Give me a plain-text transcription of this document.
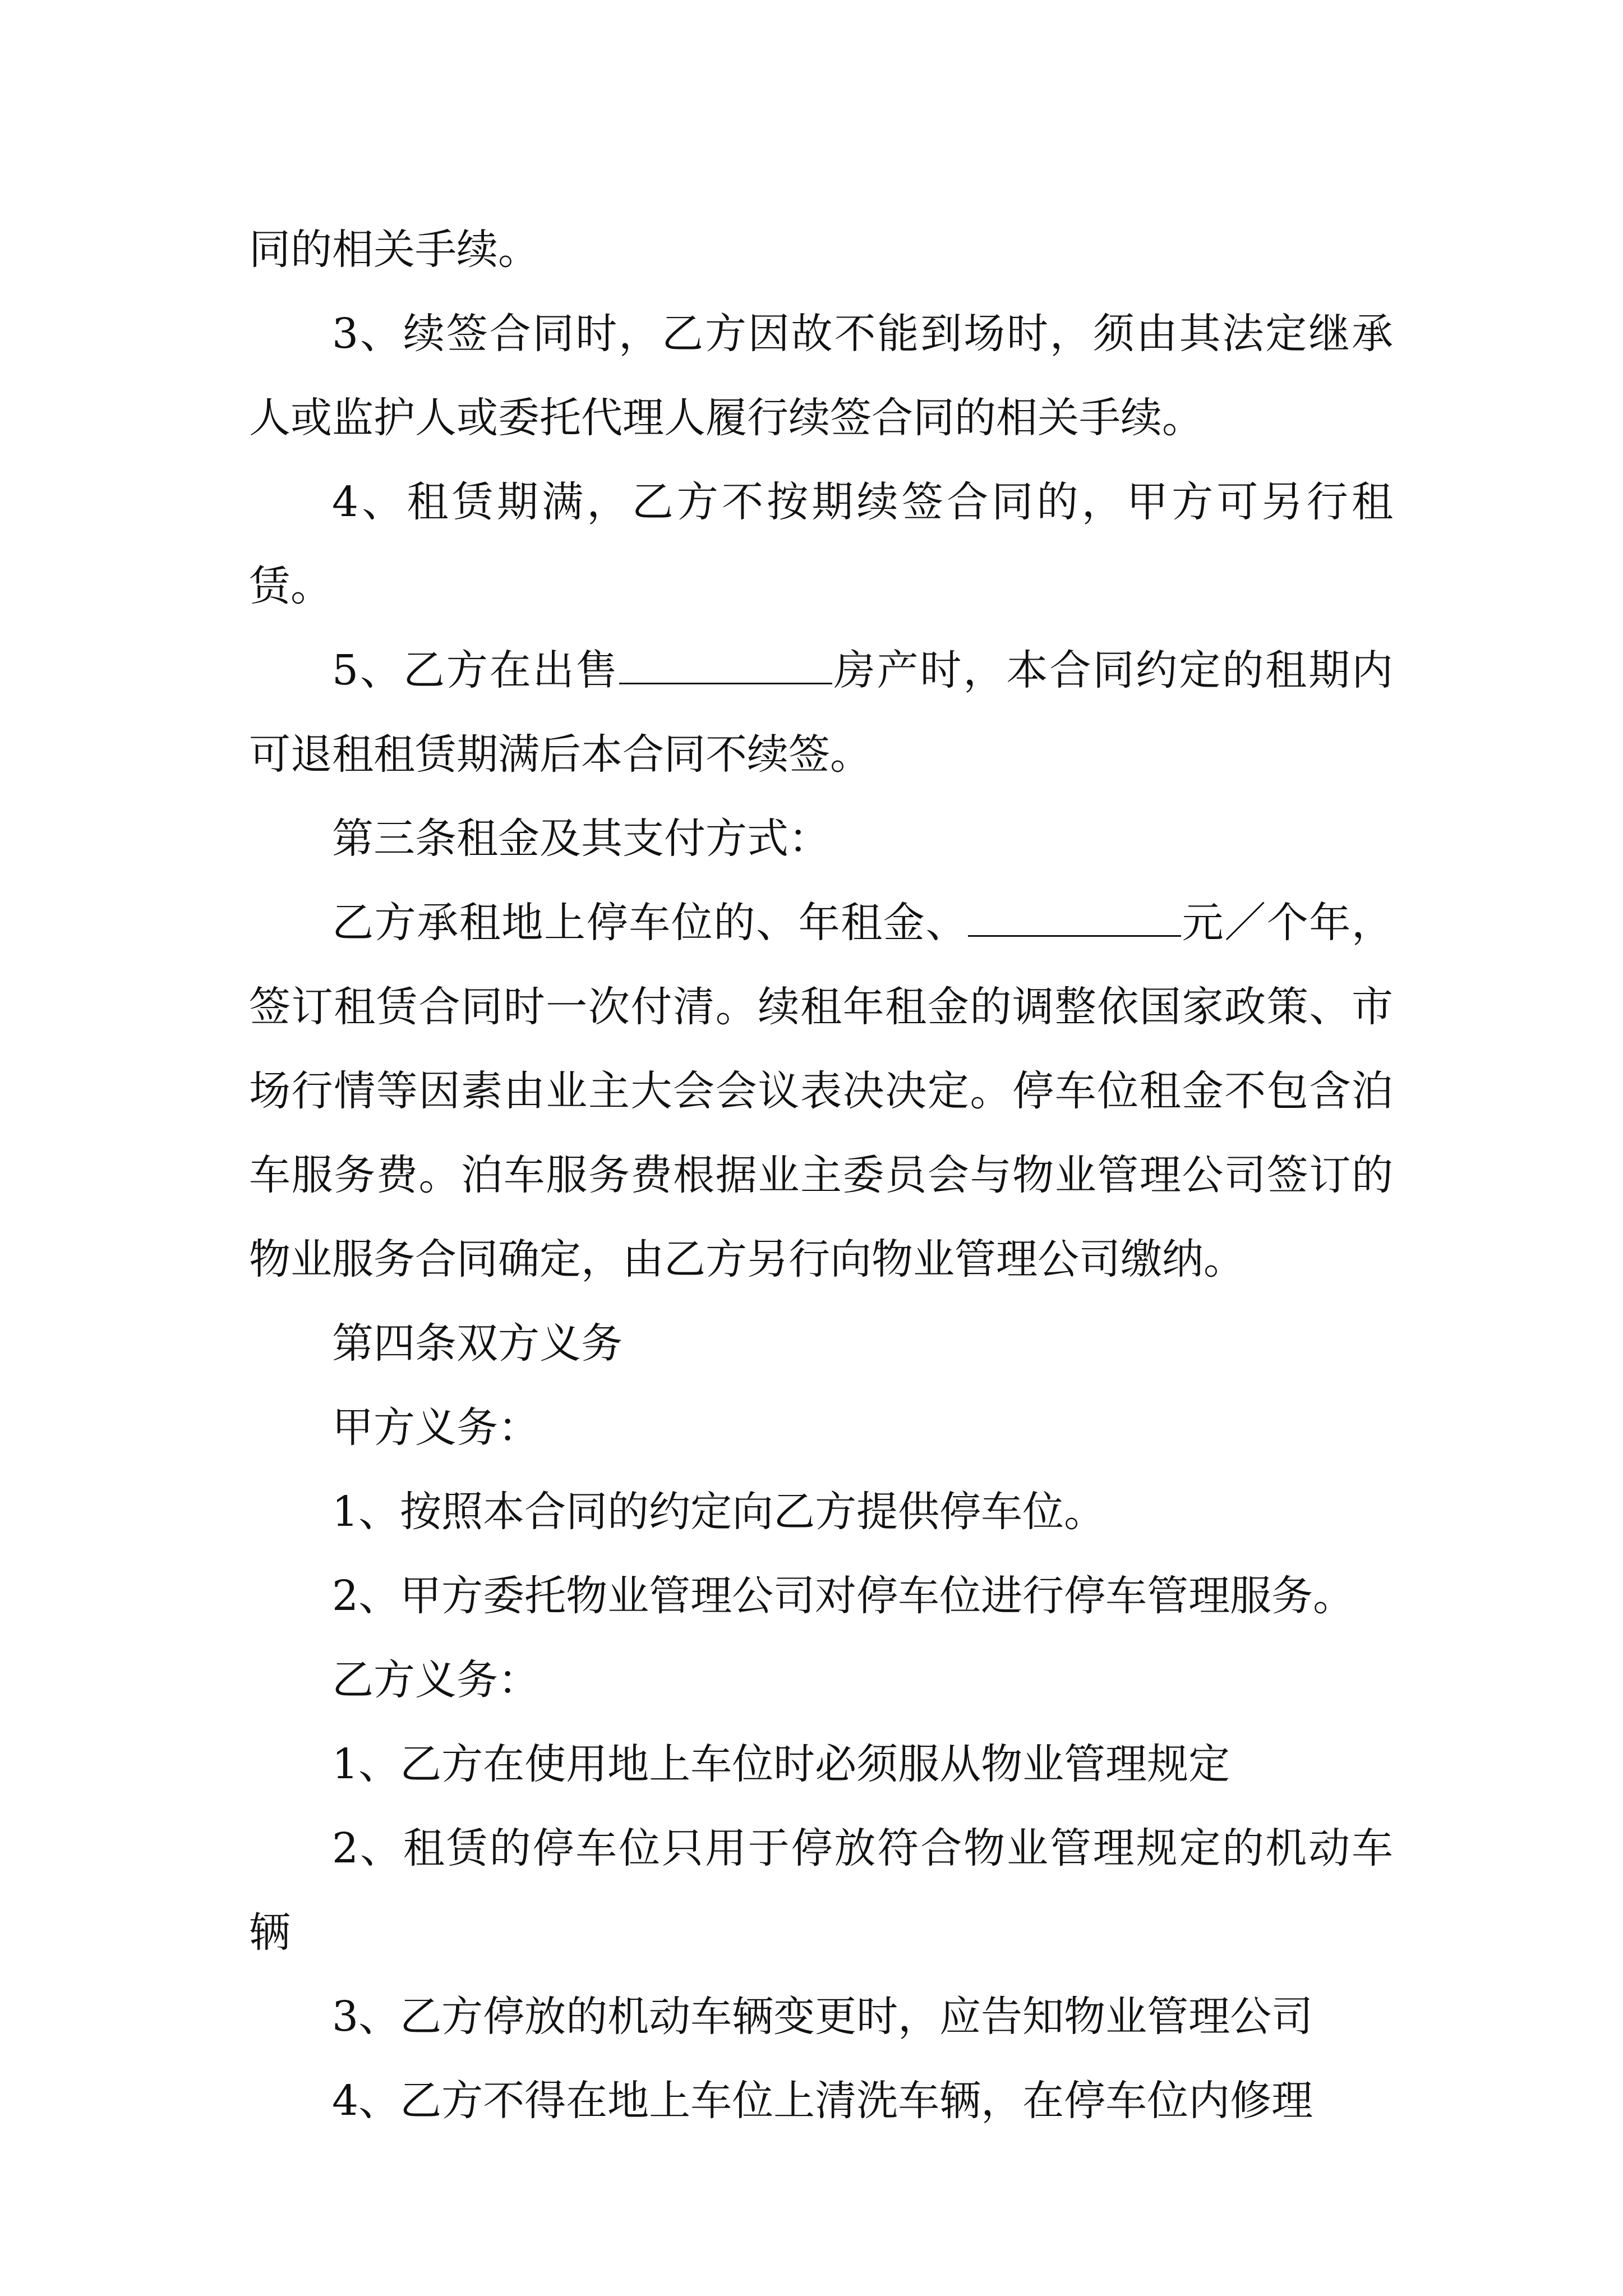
同的相关手续。

3、续签合同时，乙方因故不能到场时，须由其法定继承人或监护人或委托代理人履行续签合同的相关手续。

4、租赁期满，乙方不按期续签合同的，甲方可另行租赁。

5、乙方在出售	房产时，本合同约定的租期内可退租租赁期满后本合同不续签。

第三条租金及其支付方式：

乙方承租地上停车位的、年租金、	元／个年，签订租赁合同时一次付清。续租年租金的调整依国家政策、市场行情等因素由业主大会会议表决决定。停车位租金不包含泊车服务费。泊车服务费根据业主委员会与物业管理公司签订的物业服务合同确定，由乙方另行向物业管理公司缴纳。

第四条双方义务

甲方义务：

1、按照本合同的约定向乙方提供停车位。

2、甲方委托物业管理公司对停车位进行停车管理服务。

乙方义务：

1、乙方在使用地上车位时必须服从物业管理规定

2、租赁的停车位只用于停放符合物业管理规定的机动车辆

3、乙方停放的机动车辆变更时，应告知物业管理公司

4、乙方不得在地上车位上清洗车辆，在停车位内修理
